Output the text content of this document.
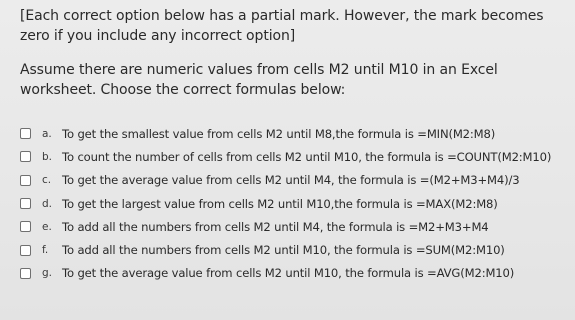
[Each correct option below has a partial mark. However, the mark becomes zero if you include any incorrect option]
Assume there are numeric values from cells M2 until M10 in an Excel worksheet. Choose the correct formulas below:
a. To get the smallest value from cells M2 until M8,the formula is =MIN(M2:M8)
b. To count the number of cells from cells M2 until M10, the formula is =COUNT(M2:M10)
c. To get the average value from cells M2 until M4, the formula is =(M2+M3+M4)/3
d. To get the largest value from cells M2 until M10,the formula is =MAX(M2:M8)
e. To add all the numbers from cells M2 until M4, the formula is =M2+M3+M4
f.	To add all the numbers from cells M2 until M10, the formula is =SUM(M2:M10)
g. To get the average value from cells M2 until M10, the formula is =AVG(M2:M10)
